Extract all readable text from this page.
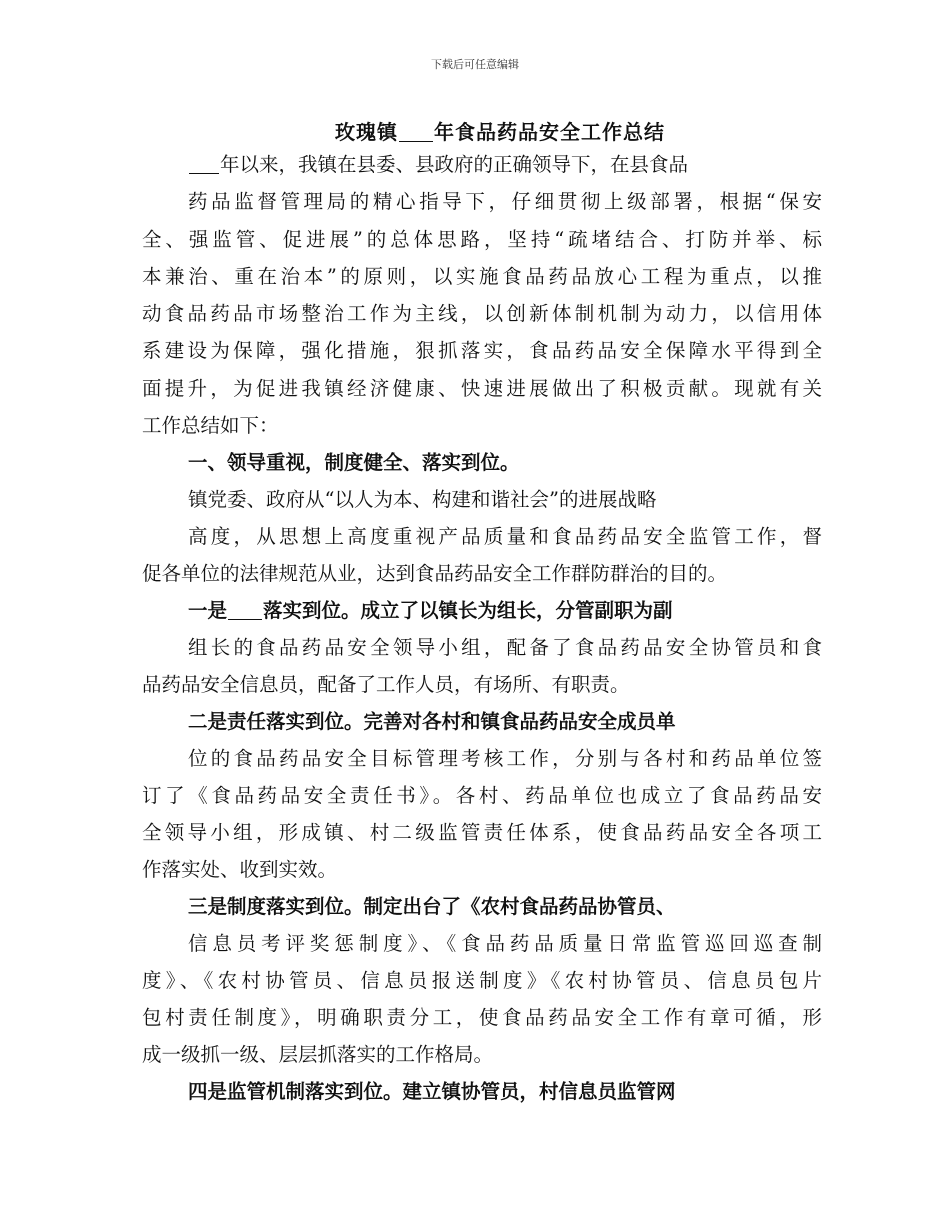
下载后可任意编辑
玫瑰镇 年食品药品安全工作总结
年以来，我镇在县委、县政府的正确领导下，在县食品
药品监督管理局的精心指导下，仔细贯彻上级部署，根据“保安
全、强监管、促进展”的总体思路，坚持“疏堵结合、打防并举、标
本兼治、重在治本”的原则，以实施食品药品放心工程为重点，以推
动食品药品市场整治工作为主线，以创新体制机制为动力，以信用体
系建设为保障，强化措施，狠抓落实，食品药品安全保障水平得到全
面提升，为促进我镇经济健康、快速进展做出了积极贡献。现就有关
工作总结如下：
一、领导重视，制度健全、落实到位。
镇党委、政府从“以人为本、构建和谐社会”的进展战略
高度，从思想上高度重视产品质量和食品药品安全监管工作，督
促各单位的法律规范从业，达到食品药品安全工作群防群治的目的。
一是 落实到位。成立了以镇长为组长，分管副职为副
组长的食品药品安全领导小组，配备了食品药品安全协管员和食
品药品安全信息员，配备了工作人员，有场所、有职责。
二是责任落实到位。完善对各村和镇食品药品安全成员单
位的食品药品安全目标管理考核工作，分别与各村和药品单位签
订了《食品药品安全责任书》。各村、药品单位也成立了食品药品安
全领导小组，形成镇、村二级监管责任体系，使食品药品安全各项工
作落实处、收到实效。
三是制度落实到位。制定出台了《农村食品药品协管员、
信息员考评奖惩制度》、《食品药品质量日常监管巡回巡查制
度》、《农村协管员、信息员报送制度》《农村协管员、信息员包片
包村责任制度》，明确职责分工，使食品药品安全工作有章可循，形
成一级抓一级、层层抓落实的工作格局。
四是监管机制落实到位。建立镇协管员，村信息员监管网
